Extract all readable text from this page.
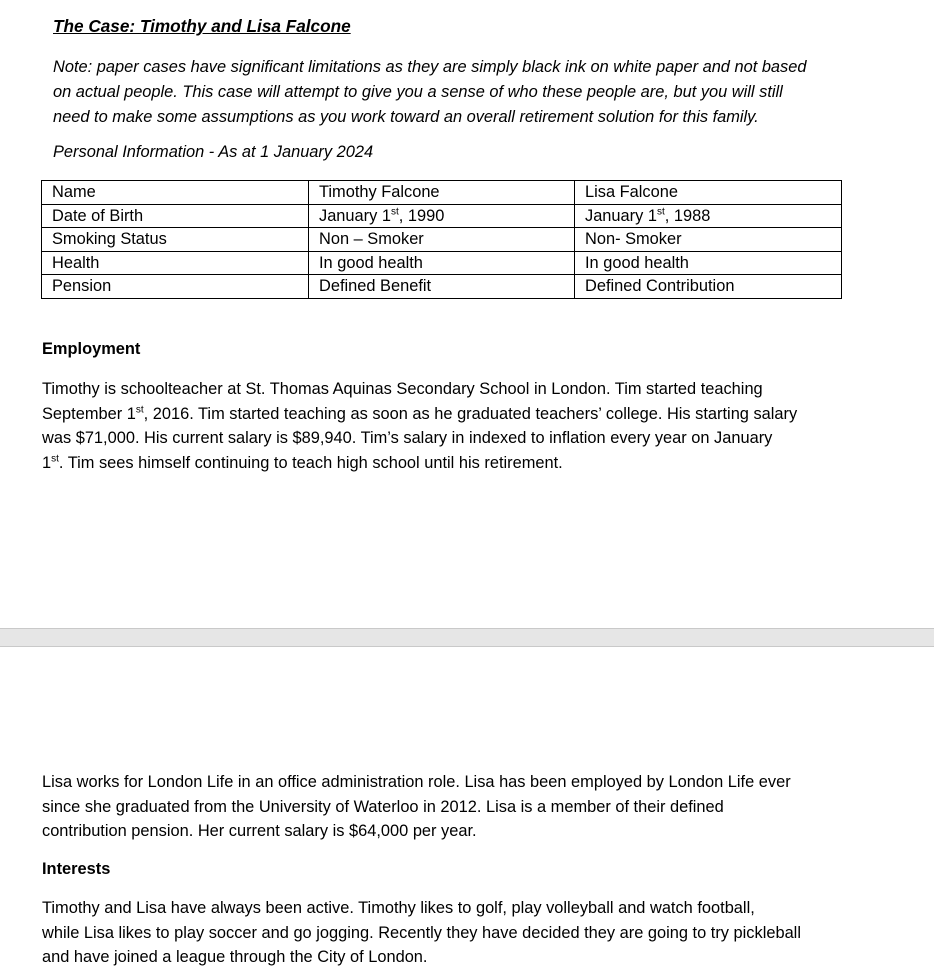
The Case: Timothy and Lisa Falcone
Note: paper cases have significant limitations as they are simply black ink on white paper and not based
on actual people. This case will attempt to give you a sense of who these people are, but you will still
need to make some assumptions as you work toward an overall retirement solution for this family.
Personal Information - As at 1 January 2024
Name	Timothy Falcone	Lisa Falcone
Date of Birth	January 1st, 1990	January 1st, 1988
Smoking Status	Non – Smoker	Non- Smoker
Health	In good health	In good health
Pension	Defined Benefit	Defined Contribution
Employment
Timothy is schoolteacher at St. Thomas Aquinas Secondary School in London. Tim started teaching
September 1st, 2016. Tim started teaching as soon as he graduated teachers’ college. His starting salary
was $71,000. His current salary is $89,940. Tim’s salary in indexed to inflation every year on January
1st. Tim sees himself continuing to teach high school until his retirement.
Lisa works for London Life in an office administration role. Lisa has been employed by London Life ever
since she graduated from the University of Waterloo in 2012. Lisa is a member of their defined
contribution pension. Her current salary is $64,000 per year.
Interests
Timothy and Lisa have always been active. Timothy likes to golf, play volleyball and watch football,
while Lisa likes to play soccer and go jogging. Recently they have decided they are going to try pickleball
and have joined a league through the City of London.
